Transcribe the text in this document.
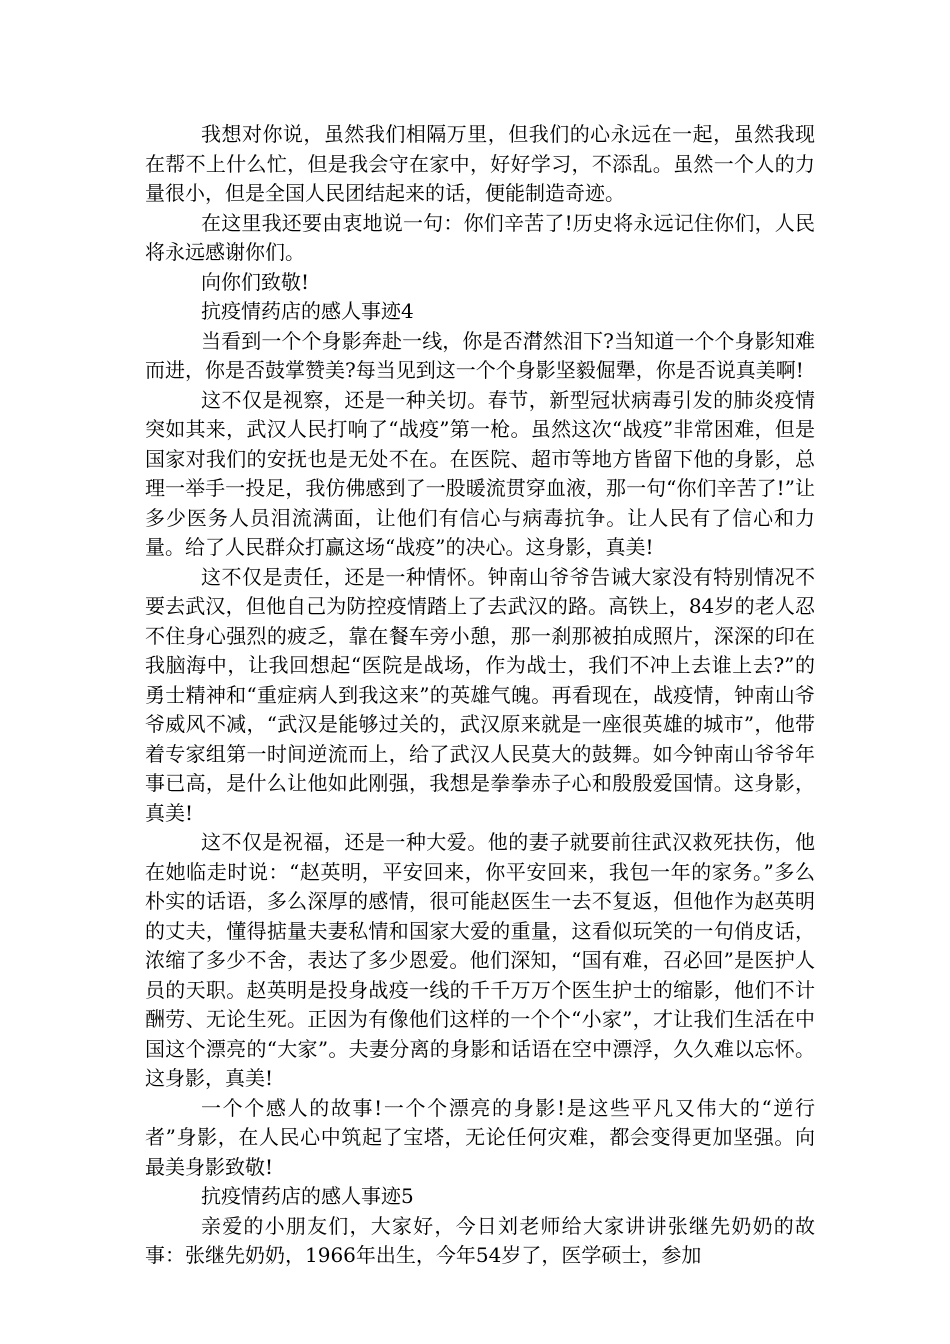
我想对你说，虽然我们相隔万里，但我们的心永远在一起，虽然我现在帮不上什么忙，但是我会守在家中，好好学习，不添乱。虽然一个人的力量很小，但是全国人民团结起来的话，便能制造奇迹。

在这里我还要由衷地说一句：你们辛苦了!历史将永远记住你们，人民将永远感谢你们。

向你们致敬!

抗疫情药店的感人事迹4

当看到一个个身影奔赴一线，你是否潸然泪下?当知道一个个身影知难而进，你是否鼓掌赞美?每当见到这一个个身影坚毅倔犟，你是否说真美啊!

这不仅是视察，还是一种关切。春节，新型冠状病毒引发的肺炎疫情突如其来，武汉人民打响了“战疫”第一枪。虽然这次“战疫”非常困难，但是国家对我们的安抚也是无处不在。在医院、超市等地方皆留下他的身影，总理一举手一投足，我仿佛感到了一股暖流贯穿血液，那一句“你们辛苦了!”让多少医务人员泪流满面，让他们有信心与病毒抗争。让人民有了信心和力量。给了人民群众打赢这场“战疫”的决心。这身影，真美!

这不仅是责任，还是一种情怀。钟南山爷爷告诫大家没有特别情况不要去武汉，但他自己为防控疫情踏上了去武汉的路。高铁上，84岁的老人忍不住身心强烈的疲乏，靠在餐车旁小憩，那一刹那被拍成照片，深深的印在我脑海中，让我回想起“医院是战场，作为战士，我们不冲上去谁上去?”的勇士精神和“重症病人到我这来”的英雄气魄。再看现在，战疫情，钟南山爷爷威风不减，“武汉是能够过关的，武汉原来就是一座很英雄的城市”，他带着专家组第一时间逆流而上，给了武汉人民莫大的鼓舞。如今钟南山爷爷年事已高，是什么让他如此刚强，我想是拳拳赤子心和殷殷爱国情。这身影，真美!

这不仅是祝福，还是一种大爱。他的妻子就要前往武汉救死扶伤，他在她临走时说：“赵英明，平安回来，你平安回来，我包一年的家务。”多么朴实的话语，多么深厚的感情，很可能赵医生一去不复返，但他作为赵英明的丈夫，懂得掂量夫妻私情和国家大爱的重量，这看似玩笑的一句俏皮话，浓缩了多少不舍，表达了多少恩爱。他们深知，“国有难，召必回”是医护人员的天职。赵英明是投身战疫一线的千千万万个医生护士的缩影，他们不计酬劳、无论生死。正因为有像他们这样的一个个“小家”，才让我们生活在中国这个漂亮的“大家”。夫妻分离的身影和话语在空中漂浮，久久难以忘怀。这身影，真美!

一个个感人的故事!一个个漂亮的身影!是这些平凡又伟大的“逆行者”身影，在人民心中筑起了宝塔，无论任何灾难，都会变得更加坚强。向最美身影致敬!

抗疫情药店的感人事迹5

亲爱的小朋友们，大家好，今日刘老师给大家讲讲张继先奶奶的故事：张继先奶奶，1966年出生，今年54岁了，医学硕士，参加
